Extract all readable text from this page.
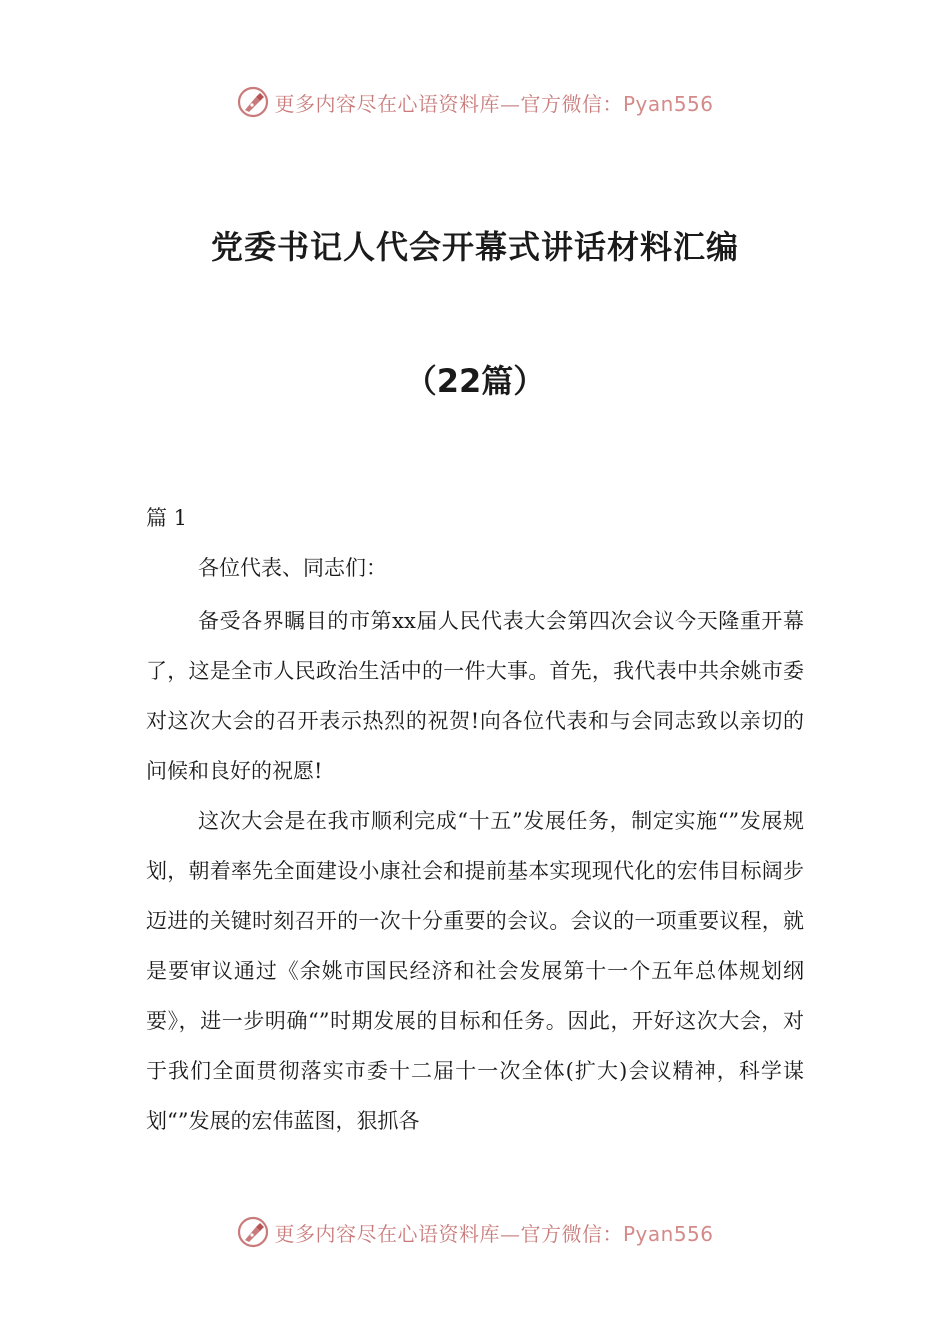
更多内容尽在心语资料库—官方微信：Pyan556
党委书记人代会开幕式讲话材料汇编
（22篇）
篇 1
各位代表、同志们：

备受各界瞩目的市第xx届人民代表大会第四次会议今天隆重开幕了，这是全市人民政治生活中的一件大事。首先，我代表中共余姚市委对这次大会的召开表示热烈的祝贺!向各位代表和与会同志致以亲切的问候和良好的祝愿!

这次大会是在我市顺利完成“十五”发展任务，制定实施“”发展规划，朝着率先全面建设小康社会和提前基本实现现代化的宏伟目标阔步迈进的关键时刻召开的一次十分重要的会议。会议的一项重要议程，就是要审议通过《余姚市国民经济和社会发展第十一个五年总体规划纲要》，进一步明确“”时期发展的目标和任务。因此，开好这次大会，对于我们全面贯彻落实市委十二届十一次全体(扩大)会议精神，科学谋划“”发展的宏伟蓝图，狠抓各

更多内容尽在心语资料库—官方微信：Pyan556
